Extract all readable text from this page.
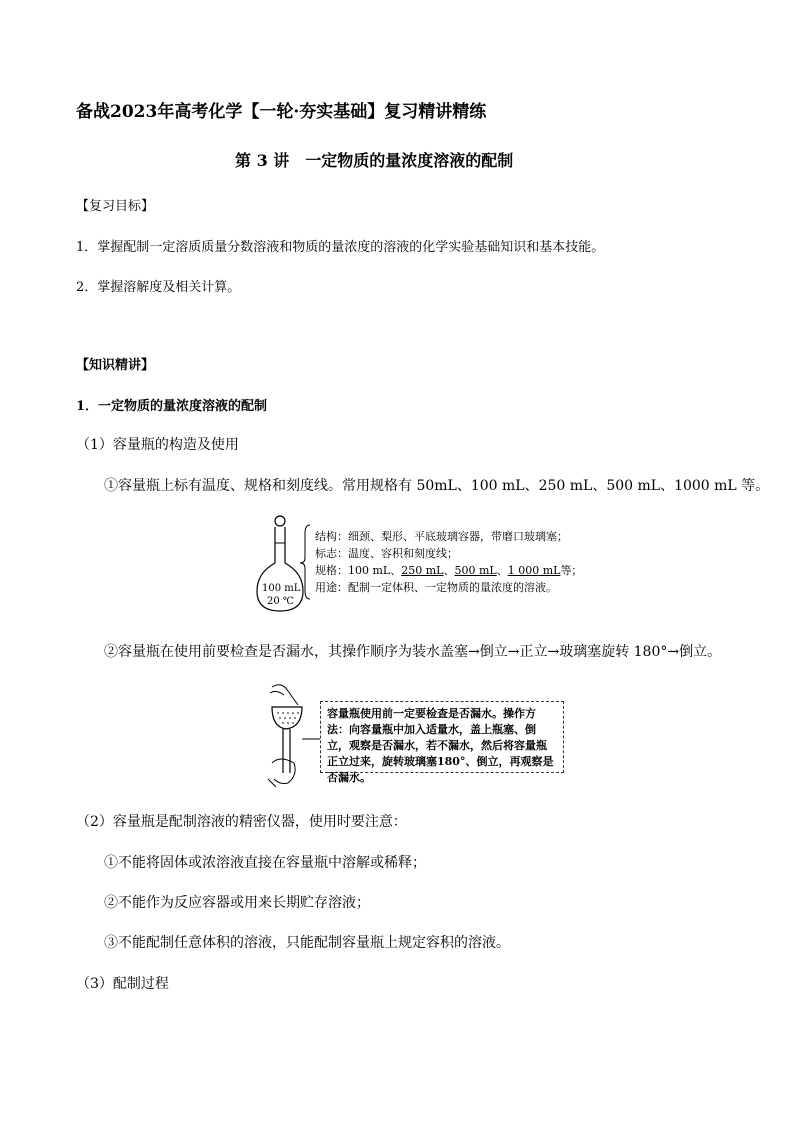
备战2023年高考化学【一轮·夯实基础】复习精讲精练
第 3 讲　一定物质的量浓度溶液的配制
【复习目标】
1．掌握配制一定溶质质量分数溶液和物质的量浓度的溶液的化学实验基础知识和基本技能。
2．掌握溶解度及相关计算。
【知识精讲】
1．一定物质的量浓度溶液的配制
（1）容量瓶的构造及使用
①容量瓶上标有温度、规格和刻度线。常用规格有 50mL、100 mL、250 mL、500 mL、1000 mL 等。
100 mL
20 ℃
结构：细颈、梨形、平底玻璃容器，带磨口玻璃塞；
标志：温度、容积和刻度线；
规格：100 mL、250 mL、500 mL、1 000 mL等；
用途：配制一定体积、一定物质的量浓度的溶液。
②容量瓶在使用前要检查是否漏水，其操作顺序为装水盖塞→倒立→正立→玻璃塞旋转 180°→倒立。
容量瓶使用前一定要检查是否漏水。操作方法：向容量瓶中加入适量水，盖上瓶塞、倒立，观察是否漏水，若不漏水，然后将容量瓶正立过来，旋转玻璃塞180°、倒立，再观察是否漏水。
（2）容量瓶是配制溶液的精密仪器，使用时要注意：
①不能将固体或浓溶液直接在容量瓶中溶解或稀释；
②不能作为反应容器或用来长期贮存溶液；
③不能配制任意体积的溶液，只能配制容量瓶上规定容积的溶液。
（3）配制过程
